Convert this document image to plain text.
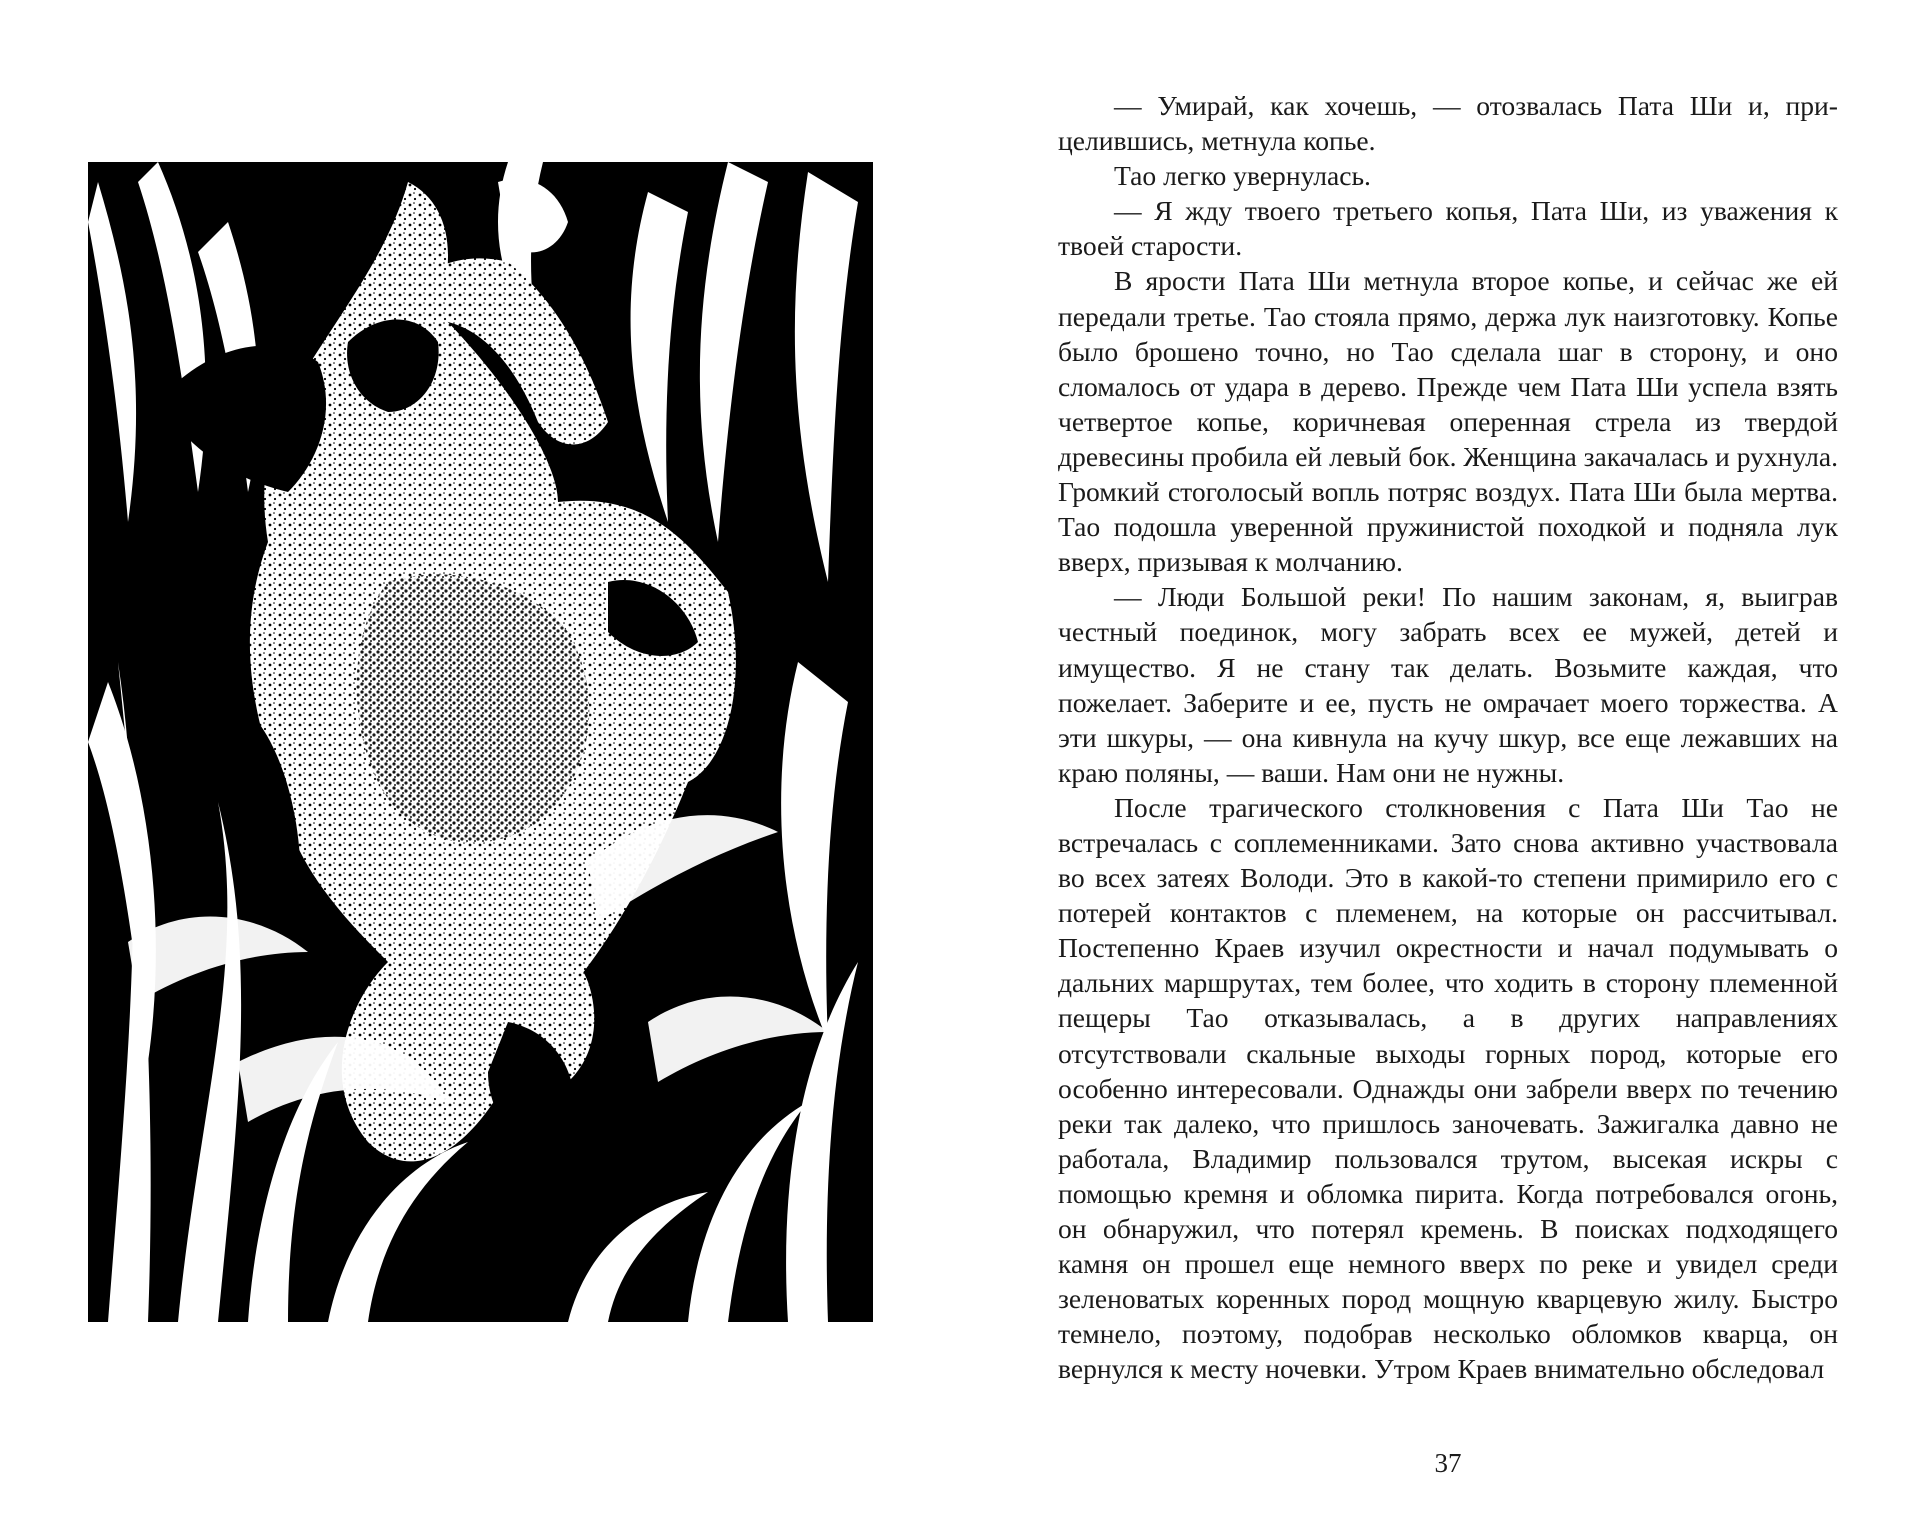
— Умирай, как хочешь, — отозвалась Пата Ши и, прицелившись, метнула копье.

Тао легко увернулась.

— Я жду твоего третьего копья, Пата Ши, из уважения к твоей старости.

В ярости Пата Ши метнула второе копье, и сейчас же ей передали третье. Тао стояла прямо, держа лук наизготовку. Копье было брошено точно, но Тао сделала шаг в сторону, и оно сломалось от удара в дерево. Прежде чем Пата Ши успела взять четвертое копье, коричневая оперенная стрела из твердой древесины пробила ей левый бок. Женщина закачалась и рухнула. Громкий стоголосый вопль потряс воздух. Пата Ши была мертва. Тао подошла уверенной пружинистой походкой и подняла лук вверх, призывая к молчанию.

— Люди Большой реки! По нашим законам, я, выиграв честный поединок, могу забрать всех ее мужей, детей и имущество. Я не стану так делать. Возьмите каждая, что пожелает. Заберите и ее, пусть не омрачает моего торжества. А эти шкуры, — она кивнула на кучу шкур, все еще лежавших на краю поляны, — ваши. Нам они не нужны.

После трагического столкновения с Пата Ши Тао не встречалась с соплеменниками. Зато снова активно участвовала во всех затеях Володи. Это в какой-то степени примирило его с потерей контактов с племенем, на которые он рассчитывал. Постепенно Краев изучил окрестности и начал подумывать о дальних маршрутах, тем более, что ходить в сторону племенной пещеры Тао отказывалась, а в других направлениях отсутствовали скальные выходы горных пород, которые его особенно интересовали. Однажды они забрели вверх по течению реки так далеко, что пришлось заночевать. Зажигалка давно не работала, Владимир пользовался трутом, высекая искры с помощью кремня и обломка пирита. Когда потребовался огонь, он обнаружил, что потерял кремень. В поисках подходящего камня он прошел еще немного вверх по реке и увидел среди зеленоватых коренных пород мощную кварцевую жилу. Быстро темнело, поэтому, подобрав несколько обломков кварца, он вернулся к месту ночевки. Утром Краев внимательно обследовал

37
